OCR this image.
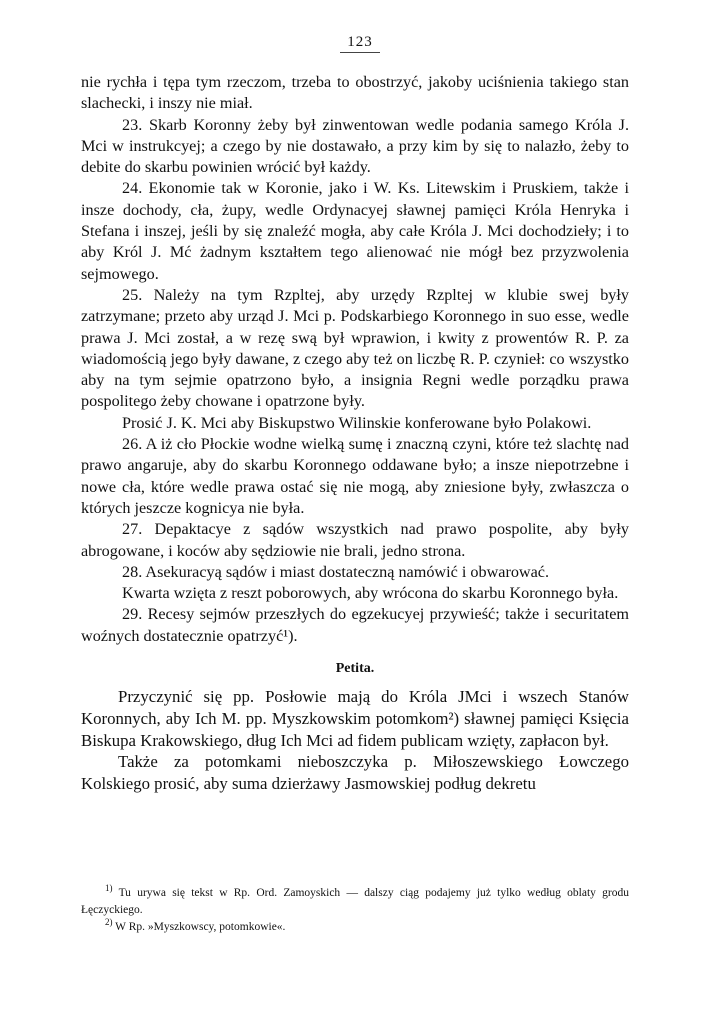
123

nie rychła i tępa tym rzeczom, trzeba to obostrzyć, jakoby uciśnienia takiego stan slachecki, i inszy nie miał.

23. Skarb Koronny żeby był zinwentowan wedle podania samego Króla J. Mci w instrukcyej; a czego by nie dostawało, a przy kim by się to nalazło, żeby to debite do skarbu powinien wrócić był każdy.

24. Ekonomie tak w Koronie, jako i W. Ks. Litewskim i Pruskiem, także i insze dochody, cła, żupy, wedle Ordynacyej sławnej pamięci Króla Henryka i Stefana i inszej, jeśli by się znaleźć mogła, aby całe Króla J. Mci dochodziełу; i to aby Król J. Mć żadnym kształtem tego alienować nie mógł bez przyzwolenia sejmowego.

25. Należy na tym Rzpltej, aby urzędy Rzpltej w klubie swej były zatrzymane; przeto aby urząd J. Mci p. Podskarbiego Koronnego in suo esse, wedle prawa J. Mci został, a w rezę swą był wprawion, i kwity z prowentów R. P. za wiadomością jego były dawane, z czego aby też on liczbę R. P. czynieł: co wszystko aby na tym sejmie opatrzono było, a insignia Regni wedle porządku prawa pospolitego żeby chowane i opatrzone były.

Prosić J. K. Mci aby Biskupstwo Wilinskie konferowane było Polakowi.

26. A iż cło Płockie wodne wielką sumę i znaczną czyni, które też slachtę nad prawo angaruje, aby do skarbu Koronnego oddawane było; a insze niepotrzebne i nowe cła, które wedle prawa ostać się nie mogą, aby zniesione były, zwłaszcza o których jeszcze kognicya nie była.

27. Depaktacye z sądów wszystkich nad prawo pospolite, aby były abrogowane, i koców aby sędziowie nie brali, jedno strona.

28. Asekuracyą sądów i miast dostateczną namówić i obwarować.

Kwarta wzięta z reszt poborowych, aby wrócona do skarbu Koronnego była.

29. Recesy sejmów przeszłych do egzekucyej przywieść; także i securitatem woźnych dostatecznie opatrzyć¹).

Petita.

Przyczynić się pp. Posłowie mają do Króla JMci i wszech Stanów Koronnych, aby Ich M. pp. Myszkowskim potomkom²) sławnej pamięci Księcia Biskupa Krakowskiego, dług Ich Mci ad fidem publicam wzięty, zapłacon był.

Także za potomkami nieboszczyka p. Miłoszewskiego Łowczego Kolskiego prosić, aby suma dzierżawy Jasmowskiej podług dekretu

$^{1)}$ Tu urywa się tekst w Rp. Ord. Zamoyskich — dalszy ciąg podajemy już tylko według oblaty grodu Łęczyckiego.

$^{2)}$ W Rp. »Myszkowscy, potomkowie«.
